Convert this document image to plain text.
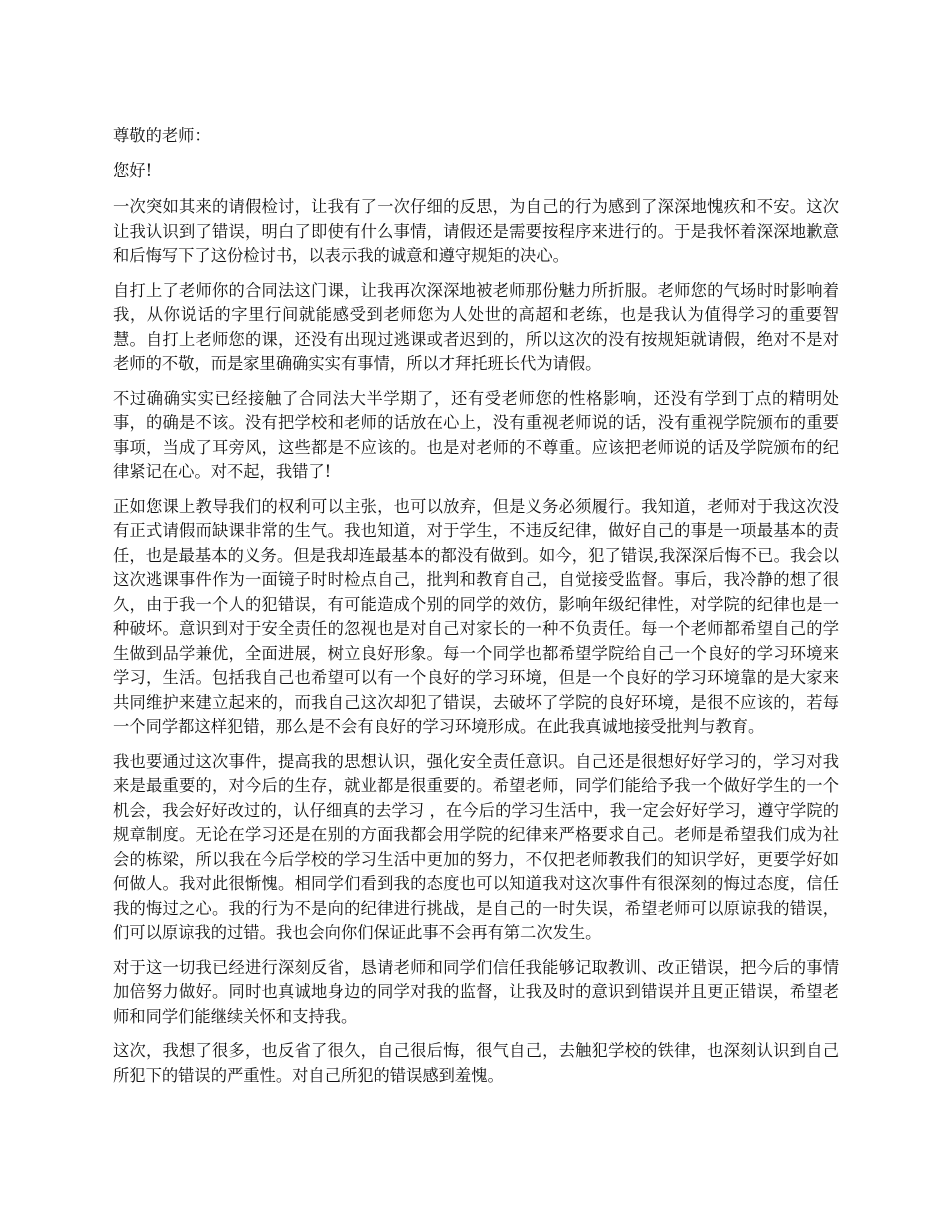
尊敬的老师：

您好!

一次突如其来的请假检讨，让我有了一次仔细的反思，为自己的行为感到了深深地愧疚和不安。这次让我认识到了错误，明白了即使有什么事情，请假还是需要按程序来进行的。于是我怀着深深地歉意和后悔写下了这份检讨书，以表示我的诚意和遵守规矩的决心。

自打上了老师你的合同法这门课，让我再次深深地被老师那份魅力所折服。老师您的气场时时影响着我，从你说话的字里行间就能感受到老师您为人处世的高超和老练，也是我认为值得学习的重要智慧。自打上老师您的课，还没有出现过逃课或者迟到的，所以这次的没有按规矩就请假，绝对不是对老师的不敬，而是家里确确实实有事情，所以才拜托班长代为请假。

不过确确实实已经接触了合同法大半学期了，还有受老师您的性格影响，还没有学到丁点的精明处事，的确是不该。没有把学校和老师的话放在心上，没有重视老师说的话，没有重视学院颁布的重要事项，当成了耳旁风，这些都是不应该的。也是对老师的不尊重。应该把老师说的话及学院颁布的纪律紧记在心。对不起，我错了!

正如您课上教导我们的权利可以主张，也可以放弃，但是义务必须履行。我知道，老师对于我这次没有正式请假而缺课非常的生气。我也知道，对于学生，不违反纪律，做好自己的事是一项最基本的责任，也是最基本的义务。但是我却连最基本的都没有做到。如今，犯了错误,我深深后悔不已。我会以这次逃课事件作为一面镜子时时检点自己，批判和教育自己，自觉接受监督。事后，我冷静的想了很久，由于我一个人的犯错误，有可能造成个别的同学的效仿，影响年级纪律性，对学院的纪律也是一种破坏。意识到对于安全责任的忽视也是对自己对家长的一种不负责任。每一个老师都希望自己的学生做到品学兼优，全面进展，树立良好形象。每一个同学也都希望学院给自己一个良好的学习环境来学习，生活。包括我自己也希望可以有一个良好的学习环境，但是一个良好的学习环境靠的是大家来共同维护来建立起来的，而我自己这次却犯了错误，去破坏了学院的良好环境，是很不应该的，若每一个同学都这样犯错，那么是不会有良好的学习环境形成。在此我真诚地接受批判与教育。

我也要通过这次事件，提高我的思想认识，强化安全责任意识。自己还是很想好好学习的，学习对我来是最重要的，对今后的生存，就业都是很重要的。希望老师，同学们能给予我一个做好学生的一个机会，我会好好改过的，认仔细真的去学习 ，在今后的学习生活中，我一定会好好学习，遵守学院的规章制度。无论在学习还是在别的方面我都会用学院的纪律来严格要求自己。老师是希望我们成为社会的栋梁，所以我在今后学校的学习生活中更加的努力，不仅把老师教我们的知识学好，更要学好如何做人。我对此很惭愧。相同学们看到我的态度也可以知道我对这次事件有很深刻的悔过态度，信任我的悔过之心。我的行为不是向的纪律进行挑战，是自己的一时失误，希望老师可以原谅我的错误，们可以原谅我的过错。我也会向你们保证此事不会再有第二次发生。

对于这一切我已经进行深刻反省，恳请老师和同学们信任我能够记取教训、改正错误，把今后的事情加倍努力做好。同时也真诚地身边的同学对我的监督，让我及时的意识到错误并且更正错误，希望老师和同学们能继续关怀和支持我。

这次，我想了很多，也反省了很久，自己很后悔，很气自己，去触犯学校的铁律，也深刻认识到自己所犯下的错误的严重性。对自己所犯的错误感到羞愧。
